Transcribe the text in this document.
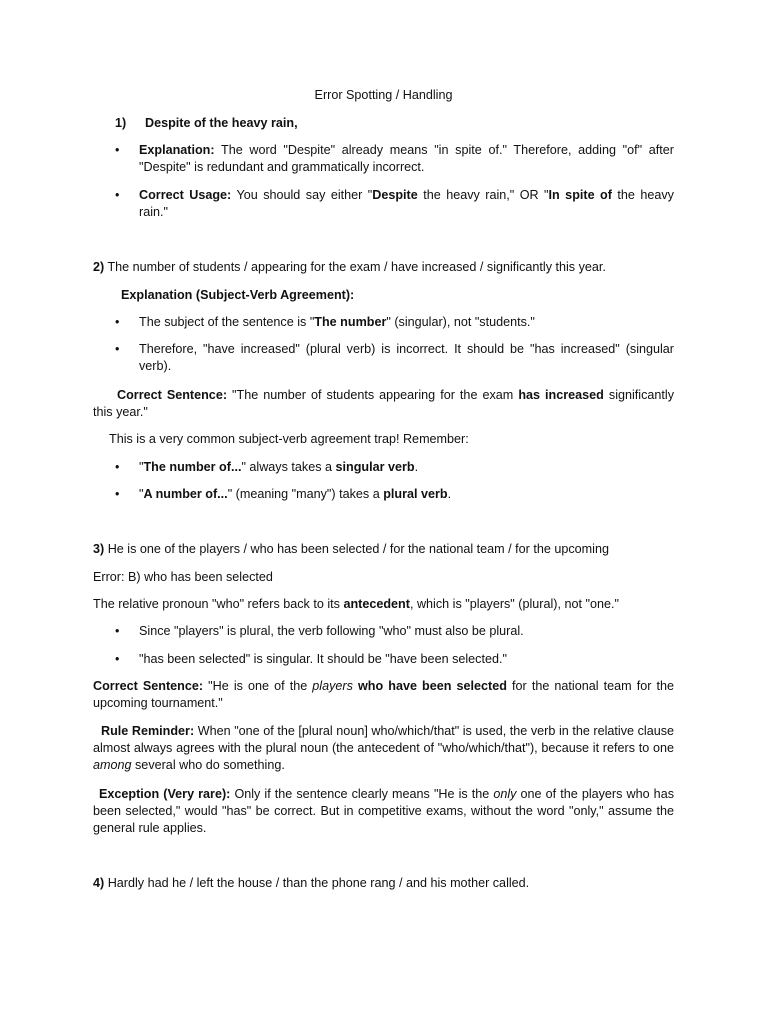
Error Spotting / Handling
1) Despite of the heavy rain,
• Explanation: The word "Despite" already means "in spite of." Therefore, adding "of" after "Despite" is redundant and grammatically incorrect.
• Correct Usage: You should say either "Despite the heavy rain," OR "In spite of the heavy rain."
2) The number of students / appearing for the exam / have increased / significantly this year.
Explanation (Subject-Verb Agreement):
• The subject of the sentence is "The number" (singular), not "students."
• Therefore, "have increased" (plural verb) is incorrect. It should be "has increased" (singular verb).
Correct Sentence: "The number of students appearing for the exam has increased significantly this year."
This is a very common subject-verb agreement trap! Remember:
• "The number of..." always takes a singular verb.
• "A number of..." (meaning "many") takes a plural verb.
3) He is one of the players / who has been selected / for the national team / for the upcoming
Error: B) who has been selected
The relative pronoun "who" refers back to its antecedent, which is "players" (plural), not "one."
• Since "players" is plural, the verb following "who" must also be plural.
• "has been selected" is singular. It should be "have been selected."
Correct Sentence: "He is one of the players who have been selected for the national team for the upcoming tournament."
Rule Reminder: When "one of the [plural noun] who/which/that" is used, the verb in the relative clause almost always agrees with the plural noun (the antecedent of "who/which/that"), because it refers to one among several who do something.
Exception (Very rare): Only if the sentence clearly means "He is the only one of the players who has been selected," would "has" be correct. But in competitive exams, without the word "only," assume the general rule applies.
4) Hardly had he / left the house / than the phone rang / and his mother called.
